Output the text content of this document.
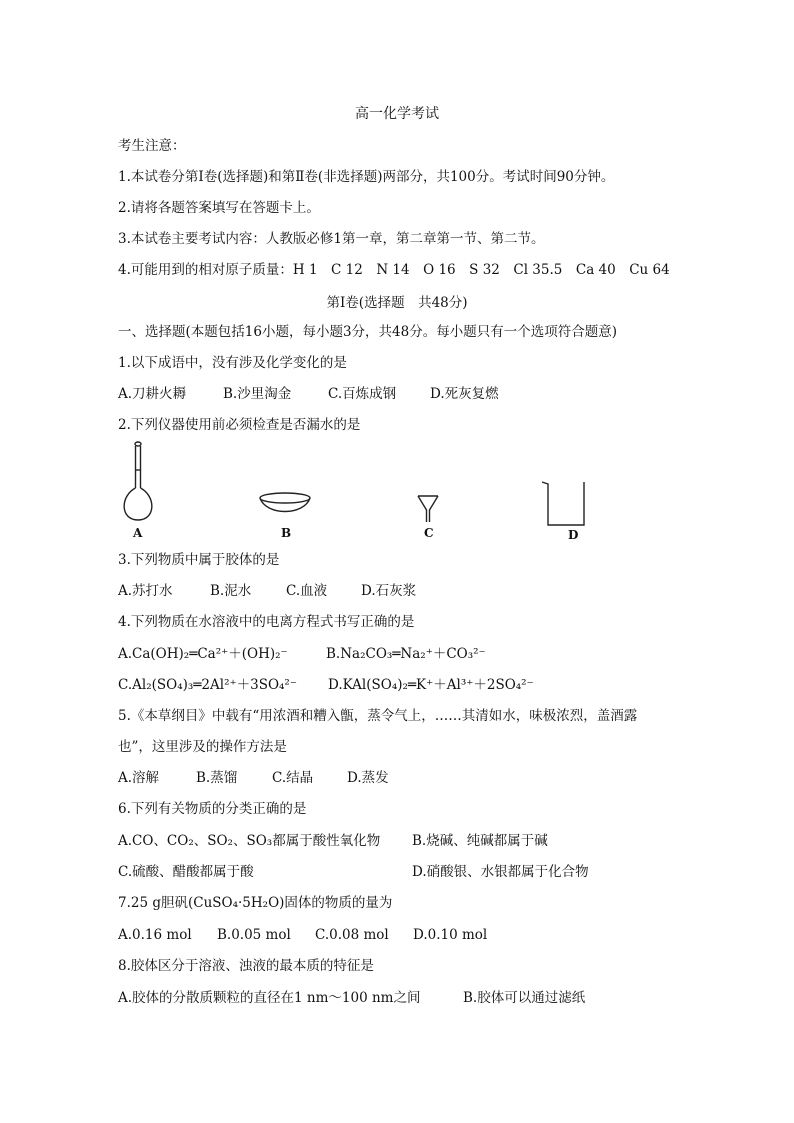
高一化学考试
考生注意：
1.本试卷分第Ⅰ卷(选择题)和第Ⅱ卷(非选择题)两部分，共100分。考试时间90分钟。
2.请将各题答案填写在答题卡上。
3.本试卷主要考试内容：人教版必修1第一章，第二章第一节、第二节。
4.可能用到的相对原子质量：H 1　C 12　N 14　O 16　S 32　Cl 35.5　Ca 40　Cu 64
第Ⅰ卷(选择题　共48分)
一、选择题(本题包括16小题，每小题3分，共48分。每小题只有一个选项符合题意)
1.以下成语中，没有涉及化学变化的是
A.刀耕火耨	B.沙里淘金	C.百炼成钢	D.死灰复燃
2.下列仪器使用前必须检查是否漏水的是
A	B	C	D
3.下列物质中属于胶体的是
A.苏打水	B.泥水	C.血液	D.石灰浆
4.下列物质在水溶液中的电离方程式书写正确的是
A.Ca(OH)₂═Ca²⁺＋(OH)₂⁻	B.Na₂CO₃═Na₂⁺＋CO₃²⁻
C.Al₂(SO₄)₃═2Al²⁺＋3SO₄²⁻ D.KAl(SO₄)₂═K⁺＋Al³⁺＋2SO₄²⁻
5.《本草纲目》中载有“用浓酒和糟入甑，蒸令气上，……其清如水，味极浓烈，盖酒露
也”，这里涉及的操作方法是
A.溶解	B.蒸馏	C.结晶	D.蒸发
6.下列有关物质的分类正确的是
A.CO、CO₂、SO₂、SO₃都属于酸性氧化物 B.烧碱、纯碱都属于碱
C.硫酸、醋酸都属于酸	D.硝酸银、水银都属于化合物
7.25 g胆矾(CuSO₄·5H₂O)固体的物质的量为
A.0.16 mol B.0.05 mol C.0.08 mol D.0.10 mol
8.胶体区分于溶液、浊液的最本质的特征是
A.胶体的分散质颗粒的直径在1 nm～100 nm之间	B.胶体可以通过滤纸
